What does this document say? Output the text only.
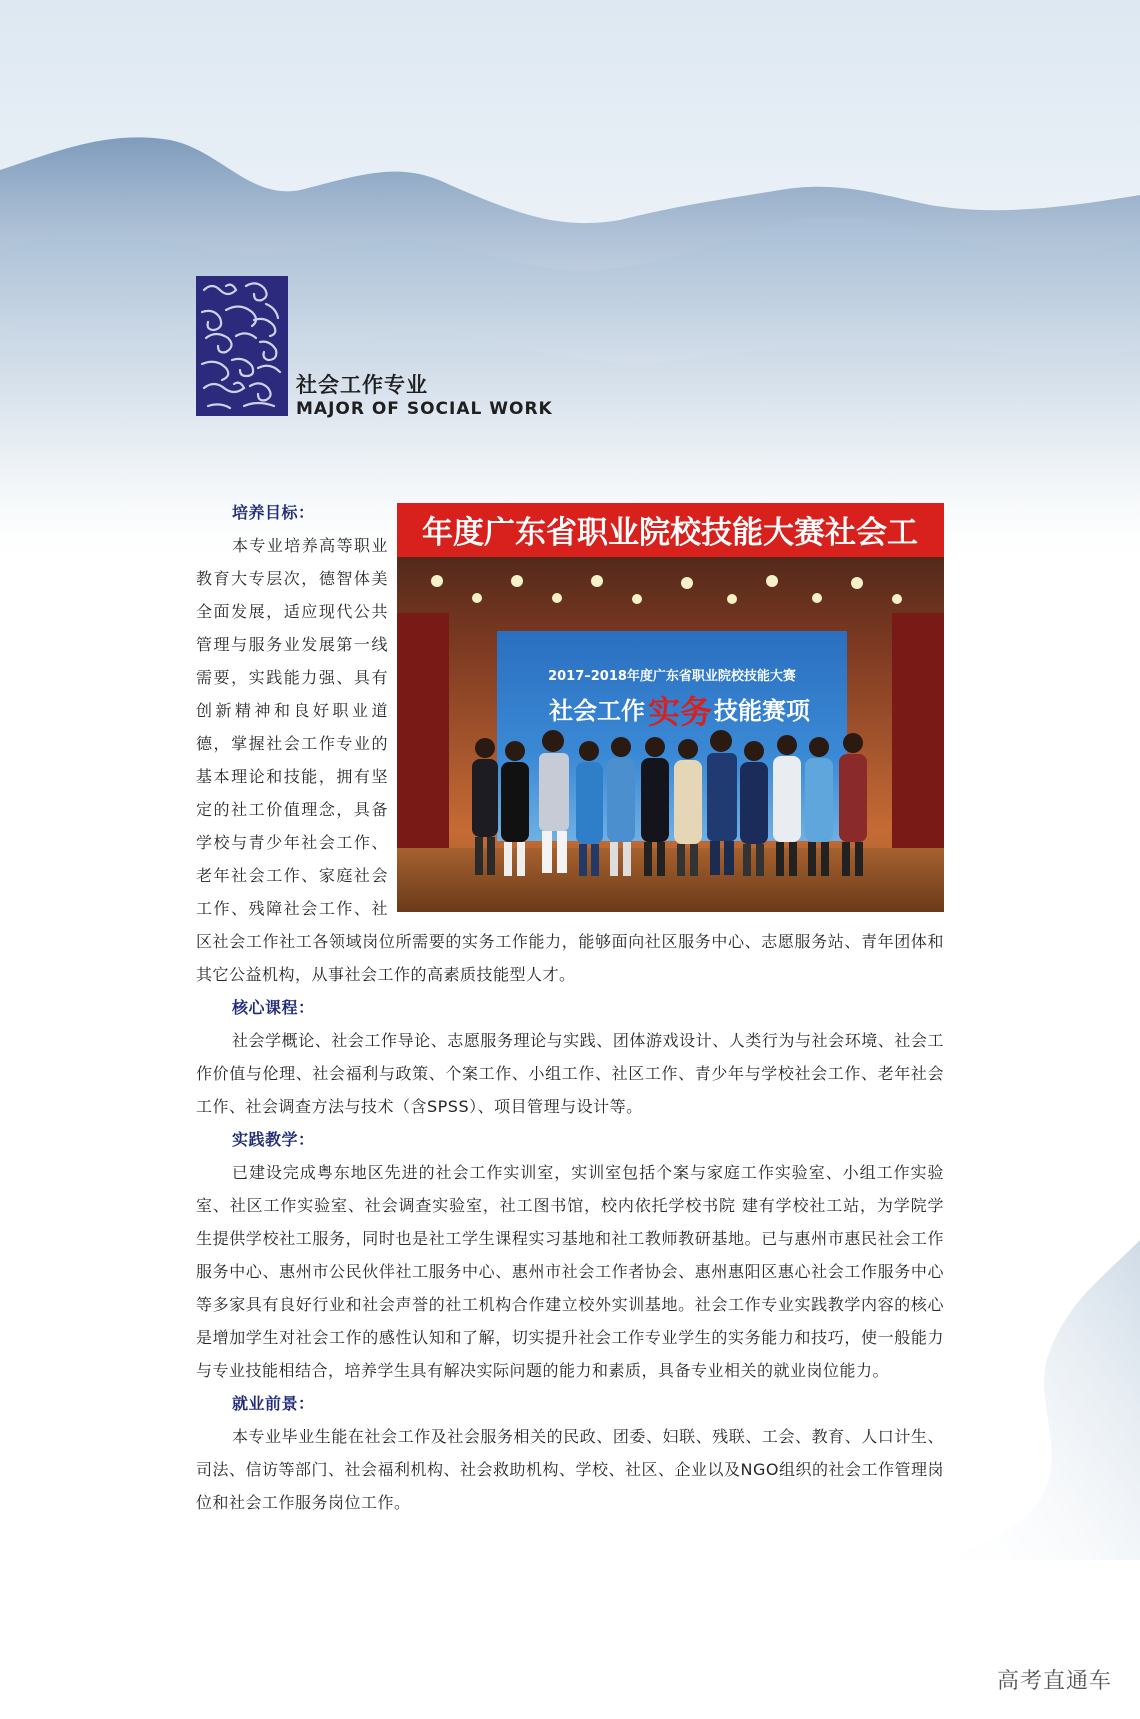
社会工作专业
MAJOR OF SOCIAL WORK
年度广东省职业院校技能大赛社会工
2017–2018年度广东省职业院校技能大赛
社会工作 实务 技能赛项
培养目标：

本专业培养高等职业教育大专层次，德智体美全面发展，适应现代公共管理与服务业发展第一线需要，实践能力强、具有创新精神和良好职业道德，掌握社会工作专业的基本理论和技能，拥有坚定的社工价值理念，具备学校与青少年社会工作、老年社会工作、家庭社会工作、残障社会工作、社区社会工作社工各领域岗位所需要的实务工作能力，能够面向社区服务中心、志愿服务站、青年团体和其它公益机构，从事社会工作的高素质技能型人才。

核心课程：

社会学概论、社会工作导论、志愿服务理论与实践、团体游戏设计、人类行为与社会环境、社会工作价值与伦理、社会福利与政策、个案工作、小组工作、社区工作、青少年与学校社会工作、老年社会工作、社会调查方法与技术（含SPSS）、项目管理与设计等。

实践教学：

已建设完成粤东地区先进的社会工作实训室，实训室包括个案与家庭工作实验室、小组工作实验室、社区工作实验室、社会调查实验室，社工图书馆，校内依托学校书院 建有学校社工站，为学院学生提供学校社工服务，同时也是社工学生课程实习基地和社工教师教研基地。已与惠州市惠民社会工作服务中心、惠州市公民伙伴社工服务中心、惠州市社会工作者协会、惠州惠阳区惠心社会工作服务中心等多家具有良好行业和社会声誉的社工机构合作建立校外实训基地。社会工作专业实践教学内容的核心是增加学生对社会工作的感性认知和了解，切实提升社会工作专业学生的实务能力和技巧，使一般能力与专业技能相结合，培养学生具有解决实际问题的能力和素质，具备专业相关的就业岗位能力。

就业前景：

本专业毕业生能在社会工作及社会服务相关的民政、团委、妇联、残联、工会、教育、人口计生、司法、信访等部门、社会福利机构、社会救助机构、学校、社区、企业以及NGO组织的社会工作管理岗位和社会工作服务岗位工作。

高考直通车
